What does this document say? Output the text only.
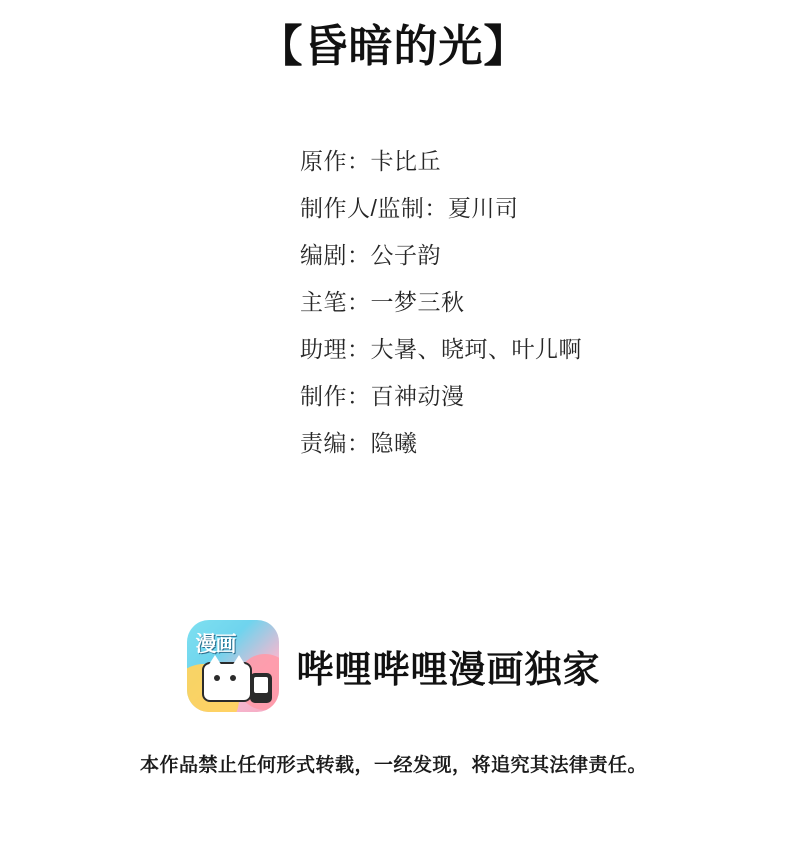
【昏暗的光】
原作：卡比丘
制作人/监制：夏川司
编剧：公子韵
主笔：一梦三秋
助理：大暑、晓珂、叶儿啊
制作：百神动漫
责编：隐曦
漫画
哔哩哔哩漫画独家
本作品禁止任何形式转载，一经发现，将追究其法律责任。
